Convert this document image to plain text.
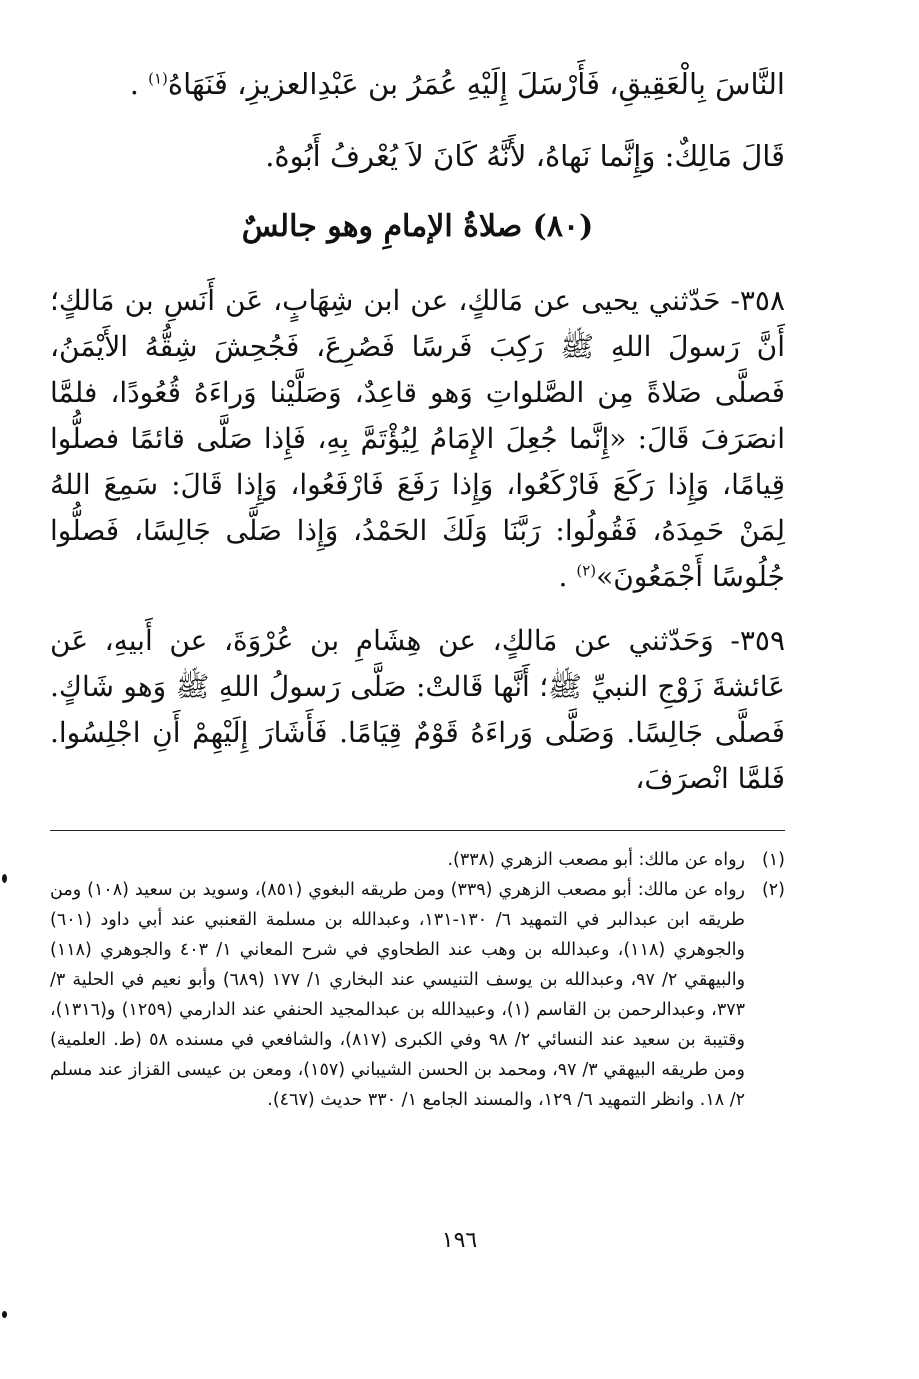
النَّاسَ بِالْعَقِيقِ، فَأَرْسَلَ إِلَيْهِ عُمَرُ بن عَبْدِالعزيزِ، فَنَهَاهُ$^{(١)}$ .
قَالَ مَالِكٌ: وَإِنَّما نَهاهُ، لأَنَّهُ كَانَ لاَ يُعْرفُ أَبُوهُ.
(٨٠) صلاةُ الإمامِ وهو جالسٌ
٣٥٨- حَدّثني يحيى عن مَالكٍ، عن ابن شِهَابٍ، عَن أَنَسِ بن مَالكٍ؛ أَنَّ رَسولَ اللهِ ﷺ رَكِبَ فَرسًا فَصُرِعَ، فَجُحِشَ شِقُّهُ الأَيْمَنُ، فَصلَّى صَلاةً مِن الصَّلواتِ وَهو قاعِدٌ، وَصَلَّيْنا وَراءَهُ قُعُودًا، فلمَّا انصَرَفَ قَالَ: «إِنَّما جُعِلَ الإِمَامُ لِيُؤْتَمَّ بِهِ، فَإِذا صَلَّى قائمًا فصلُّوا قِيامًا، وَإِذا رَكَعَ فَارْكَعُوا، وَإِذا رَفَعَ فَارْفَعُوا، وَإِذا قَالَ: سَمِعَ اللهُ لِمَنْ حَمِدَهُ، فَقُولُوا: رَبَّنَا وَلَكَ الحَمْدُ، وَإِذا صَلَّى جَالِسًا، فَصلُّوا جُلُوسًا أَجْمَعُونَ»$^{(٢)}$ .
٣٥٩- وَحَدّثني عن مَالكٍ، عن هِشَامِ بن عُرْوَةَ، عن أَبيهِ، عَن عَائشةَ زَوْجِ النبيِّ ﷺ؛ أَنَّها قَالتْ: صَلَّى رَسولُ اللهِ ﷺ وَهو شَاكٍ. فَصلَّى جَالِسًا. وَصَلَّى وَراءَهُ قَوْمٌ قِيَامًا. فَأَشَارَ إِلَيْهِمْ أَنِ اجْلِسُوا. فَلمَّا انْصرَفَ،
(١)
رواه عن مالك: أبو مصعب الزهري (٣٣٨).
(٢)
رواه عن مالك: أبو مصعب الزهري (٣٣٩) ومن طريقه البغوي (٨٥١)، وسويد بن سعيد (١٠٨) ومن طريقه ابن عبدالبر في التمهيد ٦/ ١٣٠-١٣١، وعبدالله بن مسلمة القعنبي عند أبي داود (٦٠١) والجوهري (١١٨)، وعبدالله بن وهب عند الطحاوي في شرح المعاني ١/ ٤٠٣ والجوهري (١١٨) والبيهقي ٢/ ٩٧، وعبدالله بن يوسف التنيسي عند البخاري ١/ ١٧٧ (٦٨٩) وأبو نعيم في الحلية ٣/ ٣٧٣، وعبدالرحمن بن القاسم (١)، وعبيدالله بن عبدالمجيد الحنفي عند الدارمي (١٢٥٩) و(١٣١٦)، وقتيبة بن سعيد عند النسائي ٢/ ٩٨ وفي الكبرى (٨١٧)، والشافعي في مسنده ٥٨ (ط. العلمية) ومن طريقه البيهقي ٣/ ٩٧، ومحمد بن الحسن الشيباني (١٥٧)، ومعن بن عيسى القزاز عند مسلم ٢/ ١٨. وانظر التمهيد ٦/ ١٢٩، والمسند الجامع ١/ ٣٣٠ حديث (٤٦٧).
١٩٦
